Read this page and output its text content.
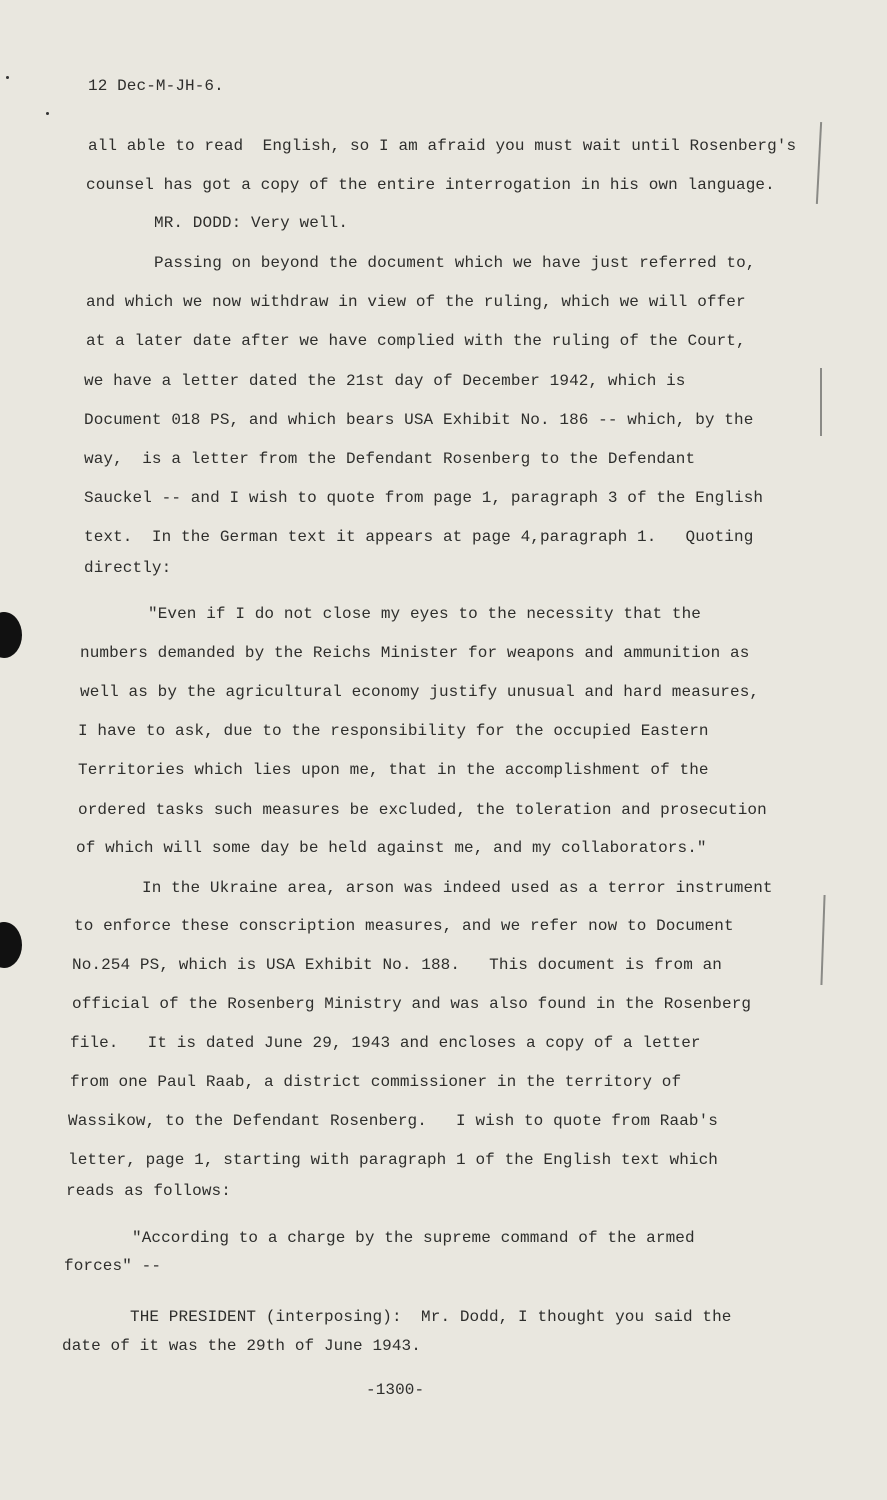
12 Dec-M-JH-6.
all able to read  English, so I am afraid you must wait until Rosenberg's
counsel has got a copy of the entire interrogation in his own language.
MR. DODD: Very well.
Passing on beyond the document which we have just referred to,
and which we now withdraw in view of the ruling, which we will offer
at a later date after we have complied with the ruling of the Court,
we have a letter dated the 21st day of December 1942, which is
Document 018 PS, and which bears USA Exhibit No. 186 -- which, by the
way,  is a letter from the Defendant Rosenberg to the Defendant
Sauckel -- and I wish to quote from page 1, paragraph 3 of the English
text.  In the German text it appears at page 4,paragraph 1.   Quoting
directly:
"Even if I do not close my eyes to the necessity that the
numbers demanded by the Reichs Minister for weapons and ammunition as
well as by the agricultural economy justify unusual and hard measures,
I have to ask, due to the responsibility for the occupied Eastern
Territories which lies upon me, that in the accomplishment of the
ordered tasks such measures be excluded, the toleration and prosecution
of which will some day be held against me, and my collaborators."
In the Ukraine area, arson was indeed used as a terror instrument
to enforce these conscription measures, and we refer now to Document
No.254 PS, which is USA Exhibit No. 188.   This document is from an
official of the Rosenberg Ministry and was also found in the Rosenberg
file.   It is dated June 29, 1943 and encloses a copy of a letter
from one Paul Raab, a district commissioner in the territory of
Wassikow, to the Defendant Rosenberg.   I wish to quote from Raab's
letter, page 1, starting with paragraph 1 of the English text which
reads as follows:
"According to a charge by the supreme command of the armed
forces" --
THE PRESIDENT (interposing):  Mr. Dodd, I thought you said the
date of it was the 29th of June 1943.
-1300-
